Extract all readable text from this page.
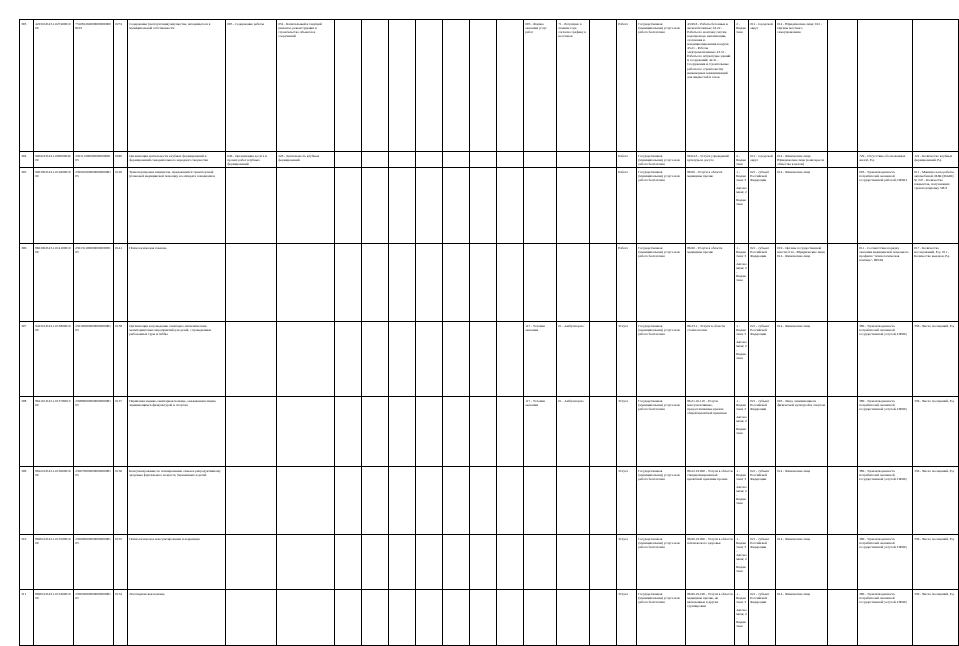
303	422310.Р.43.1.02740001000	7310812920000000000008103	0274	Содержание (эксплуатация) имущества, находящегося в муниципальной собственности	005 - Содержание работы	032 - Капитальный и текущий ремонты, реконструкция и строительство объектов и сооружений								005 - Формы оказания услуг работ	71 - Регулярно в течение года согласно графику в не планов		Работа	Государственная (муниципальная) услуга или работа бесплатная	43.99.6 - Работы бетонные и железобетонные; 43.22 - Работы по монтажу систем водопровода, канализации, отопления и кондиционирования воздуха; 43.21 - Работы электромонтажные; 43.31 - Работы по штукатурке зданий и сооружений; 42.21 - Сооружения и строительные работы по строительству инженерных коммуникаций для жидкостей и газов	2 - Бюджетная	012 - городской округ	014 - Юридические лица; 012 - Органы местного самоуправления

304	900410.Р.43.1.00000004000	23011120000000000008103	0040	Организация деятельности клубных формирований и формирований самодеятельного народного творчества	046 - Организация досуга и прочих работ клубных формирований	226 - Деятельность клубных формирований											Работа	Государственная (муниципальная) услуга или работа бесплатная	90.04.3 - Услуги учреждений культуры и досуга	2 - Бюджетная	012 - городской округ	014 - Физические лица; Юридические лица (в интересах общества в целом)		729 - Отсутствие обоснованных жалоб, Ед.	122 - Количество клубных формирований, Ед.	

305	900100.Р.43.1.01260001000	23929100000000000008103	0126	Транспортировка пациентов, нуждающихся транспортной (плановой медицинской помощи), на аппарате гемодиализа													Работа	Государственная (муниципальная) услуга или работа бесплатная	86.90 - Услуги в области медицины прочие	1 - Бюджетная; 3 - Автономная; 2 - Бюджетная	021 - субъект Российской Федерации	014 - Физические лица		003 - Удовлетворенность потребителей оказанной государственной работой, ПРОЦ	011 - Машино-часы работы автомобилей, МАЧ (МАШ) Ч; 247 - Количество пациентов, получающих транспортировку, ЧЕЛ	

306	860100.Р.43.1.01410001000	23013110000000000008103	0141	Психологическая помощь													Работа	Государственная (муниципальная) услуга или работа бесплатная	86.90 - Услуги в области медицины прочие	1 - Бюджетная; 3 - Автономная; 2 - Бюджетная	021 - субъект Российской Федерации	019 - Органы государственной власти; 014 - Юридические лица; 014 - Физические лица		011 - Соответствие порядку оказания медицинской помощи по профилю "психологическая помощь", ПРОЦ	017 - Количество исследований, Ед.; 011 - Количество выездов, Ед.	

307	942310.Р.43.1.01380001000	23010000000000000008103	0138	Организация и проведение санитарно-гигиенических, мониторинговых мероприятий для детей, с проведением рыболовных туры и гиббы										117 - Условия оказания	01 - Амбулаторно		Услуга	Государственная (муниципальная) услуга или работа бесплатная	86.23.1 - Услуги в области стоматологии	1 - Бюджетная; 3 - Автономная; 2 - Бюджетная	021 - субъект Российской Федерации	014 - Физические лица		380 - Удовлетворенность потребителей оказанной государственной услугой, ПРОЦ	336 - Число посещений, Ед.	

308	862110.Р.43.1.01370001000	23089000000000000008103	0137	Первичная медико-санитарная помощь, оказываемая лицам, занимающимся физкультурой и спортом										117 - Условия оказания	01 - Амбулаторно		Услуга	Государственная (муниципальная) услуга или работа бесплатная	86.21.10.110 - Услуги консультативные, предоставляемые врачом общей врачебной практики	1 - Бюджетная; 3 - Автономная; 2 - Бюджетная	021 - субъект Российской Федерации	003 - Лица, занимающиеся физической культурой и спортом		380 - Удовлетворенность потребителей оказанной государственной услугой, ПРОЦ	336 - Число посещений, Ед.	

309	862210.Р.43.1.01360001000	23007000000000000008103	0136	Консультирование по планированию семьи и репродуктивному здоровью фертильного возраста, беременных и детей													Услуга	Государственная (муниципальная) услуга или работа бесплатная	86.22.19.000 - Услуги в области специализированной врачебной практики прочие	1 - Бюджетная; 3 - Автономная; 2 - Бюджетная	021 - субъект Российской Федерации	014 - Физические лица		380 - Удовлетворенность потребителей оказанной государственной услугой, ПРОЦ	336 - Число посещений, Ед.	

310	869010.Р.43.1.01350001000	23006000000000000008103	0135	Психологическое консультирование и коррекция													Услуга	Государственная (муниципальная) услуга или работа бесплатная	86.90.19.000 - Услуги в области психического здоровья	1 - Бюджетная; 3 - Автономная; 2 - Бюджетная	021 - субъект Российской Федерации	014 - Физические лица		380 - Удовлетворенность потребителей оказанной государственной услугой, ПРОЦ	336 - Число посещений, Ед.	

311	869010.Р.43.1.01340001000	23005000000000000008103	0134	Логопедическая помощь													Услуга	Государственная (муниципальная) услуга или работа бесплатная	86.90.19.190 - Услуги в области медицины прочие, не включенные в другие группировки	1 - Бюджетная; 3 - Автономная; 2 - Бюджетная	021 - субъект Российской Федерации	014 - Физические лица		380 - Удовлетворенность потребителей оказанной государственной услугой, ПРОЦ	336 - Число посещений, Ед.	
